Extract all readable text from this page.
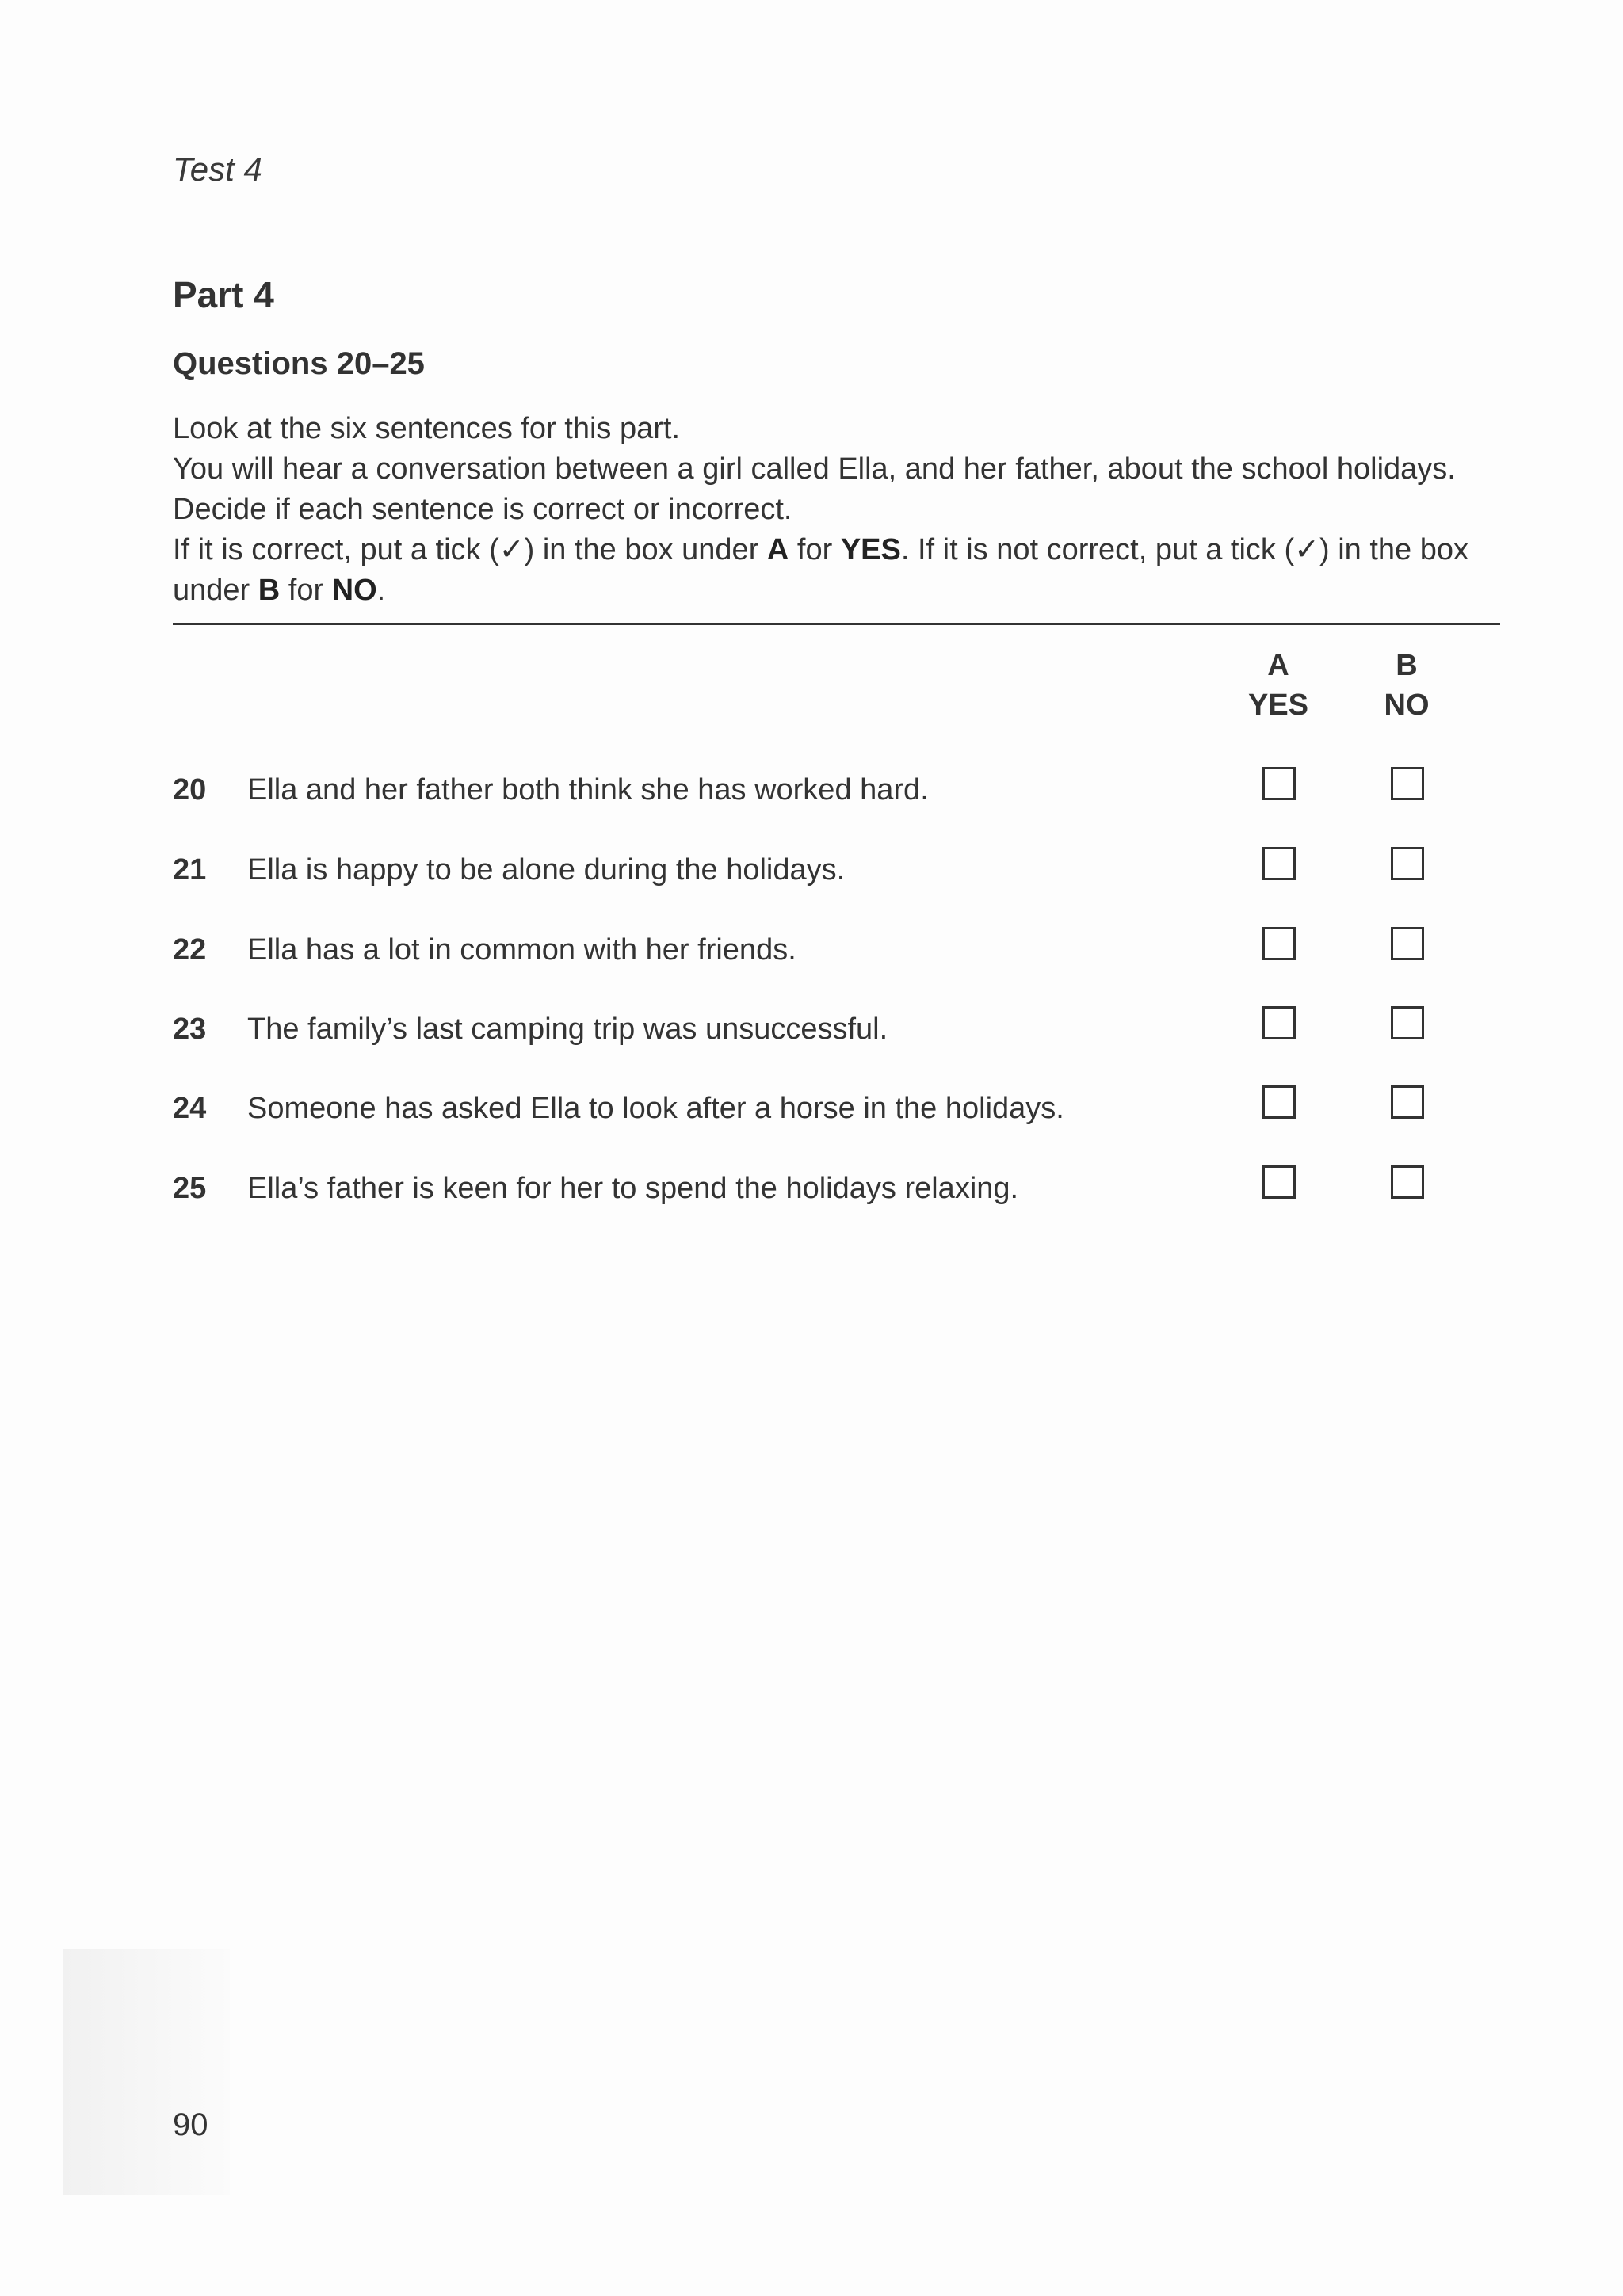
Test 4
Part 4
Questions 20–25

Look at the six sentences for this part.

You will hear a conversation between a girl called Ella, and her father, about the school holidays.

Decide if each sentence is correct or incorrect.

If it is correct, put a tick (✓) in the box under A for YES. If it is not correct, put a tick (✓) in the box under B for NO.

A
YES
B
NO
20 Ella and her father both think she has worked hard.
21 Ella is happy to be alone during the holidays.
22 Ella has a lot in common with her friends.
23 The family’s last camping trip was unsuccessful.
24 Someone has asked Ella to look after a horse in the holidays.
25 Ella’s father is keen for her to spend the holidays relaxing.
90
